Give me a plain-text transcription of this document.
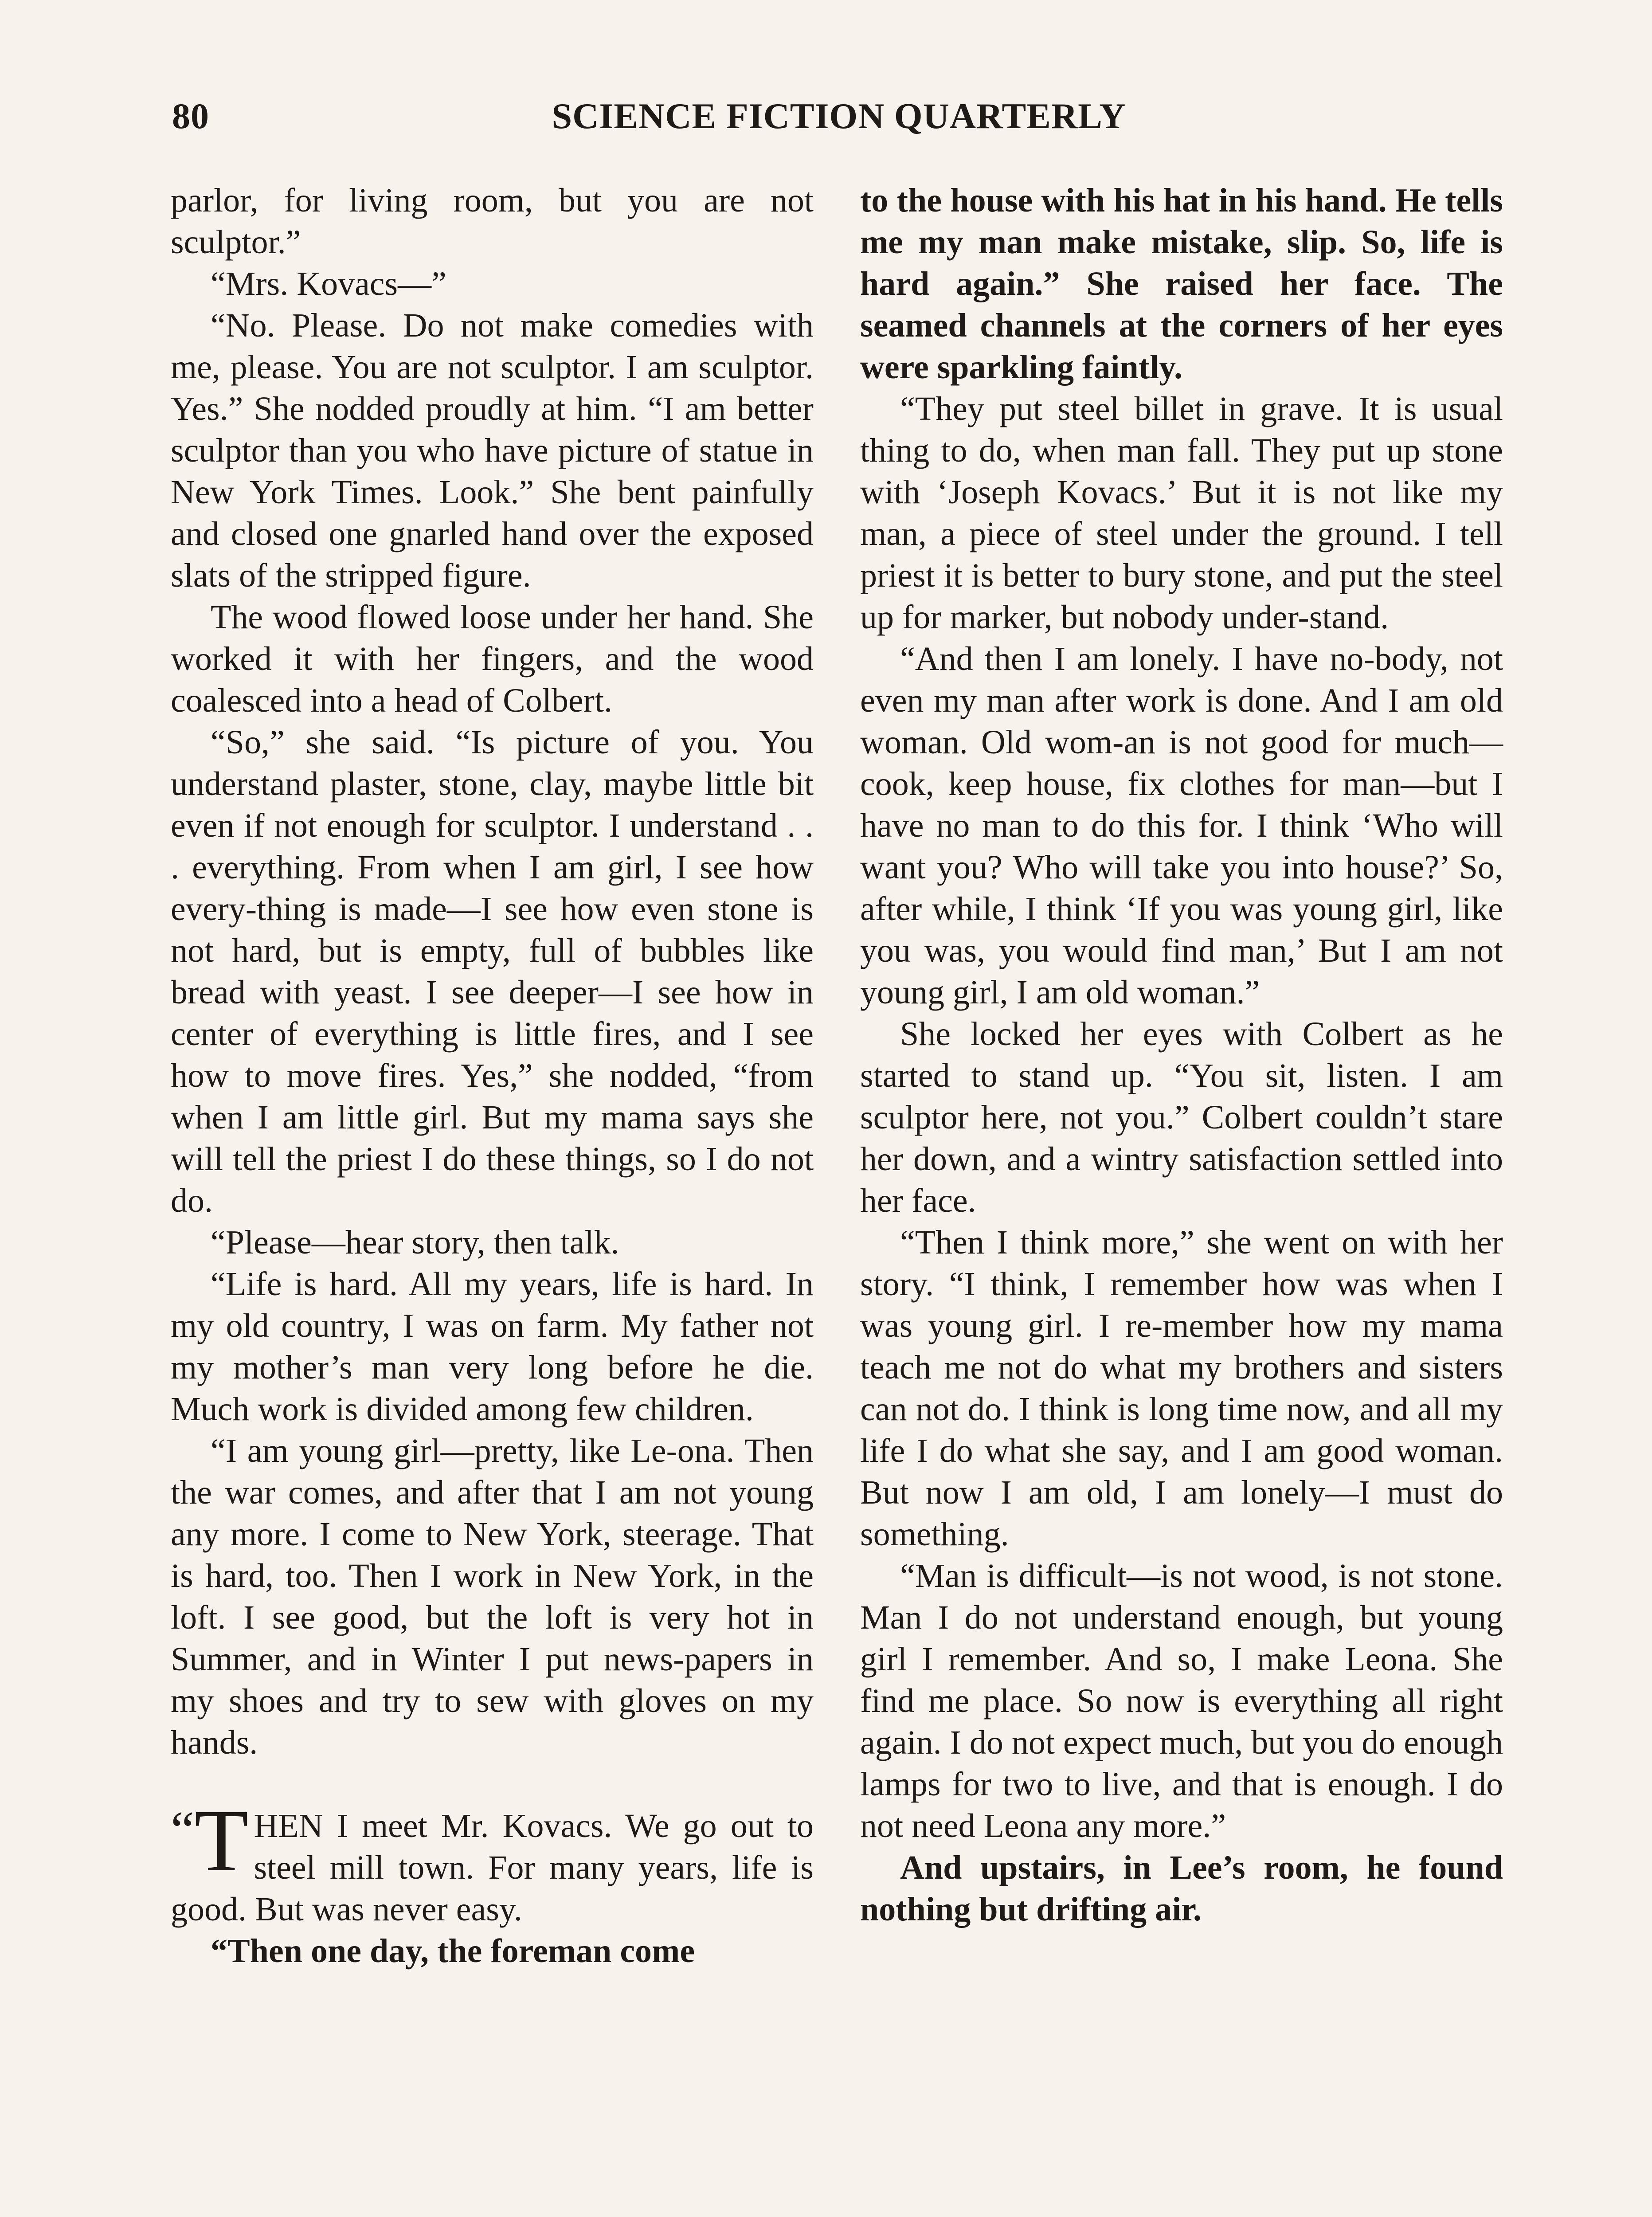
80	SCIENCE FICTION QUARTERLY

parlor, for living room, but you are not sculptor.”

“Mrs. Kovacs—”

“No. Please. Do not make comedies with me, please. You are not sculptor. I am sculptor. Yes.” She nodded proudly at him. “I am better sculptor than you who have picture of statue in New York Times. Look.” She bent painfully and closed one gnarled hand over the exposed slats of the stripped figure.

The wood flowed loose under her hand. She worked it with her fingers, and the wood coalesced into a head of Colbert.

“So,” she said. “Is picture of you. You understand plaster, stone, clay, maybe little bit even if not enough for sculptor. I understand . . . everything. From when I am girl, I see how every-thing is made—I see how even stone is not hard, but is empty, full of bubbles like bread with yeast. I see deeper—I see how in center of everything is little fires, and I see how to move fires. Yes,” she nodded, “from when I am little girl. But my mama says she will tell the priest I do these things, so I do not do.

“Please—hear story, then talk.

“Life is hard. All my years, life is hard. In my old country, I was on farm. My father not my mother’s man very long before he die. Much work is divided among few children.

“I am young girl—pretty, like Le-ona. Then the war comes, and after that I am not young any more. I come to New York, steerage. That is hard, too. Then I work in New York, in the loft. I see good, but the loft is very hot in Summer, and in Winter I put news-papers in my shoes and try to sew with gloves on my hands.

“T HEN I meet Mr. Kovacs. We go out to steel mill town. For many years, life is good. But was never easy.

“Then one day, the foreman come

to the house with his hat in his hand. He tells me my man make mistake, slip. So, life is hard again.” She raised her face. The seamed channels at the corners of her eyes were sparkling faintly.

“They put steel billet in grave. It is usual thing to do, when man fall. They put up stone with ‘Joseph Kovacs.’ But it is not like my man, a piece of steel under the ground. I tell priest it is better to bury stone, and put the steel up for marker, but nobody under-stand.

“And then I am lonely. I have no-body, not even my man after work is done. And I am old woman. Old wom-an is not good for much—cook, keep house, fix clothes for man—but I have no man to do this for. I think ‘Who will want you? Who will take you into house?’ So, after while, I think ‘If you was young girl, like you was, you would find man,’ But I am not young girl, I am old woman.”

She locked her eyes with Colbert as he started to stand up. “You sit, listen. I am sculptor here, not you.” Colbert couldn’t stare her down, and a wintry satisfaction settled into her face.

“Then I think more,” she went on with her story. “I think, I remember how was when I was young girl. I re-member how my mama teach me not do what my brothers and sisters can not do. I think is long time now, and all my life I do what she say, and I am good woman. But now I am old, I am lonely—I must do something.

“Man is difficult—is not wood, is not stone. Man I do not understand enough, but young girl I remember. And so, I make Leona. She find me place. So now is everything all right again. I do not expect much, but you do enough lamps for two to live, and that is enough. I do not need Leona any more.”

And upstairs, in Lee’s room, he found nothing but drifting air.
